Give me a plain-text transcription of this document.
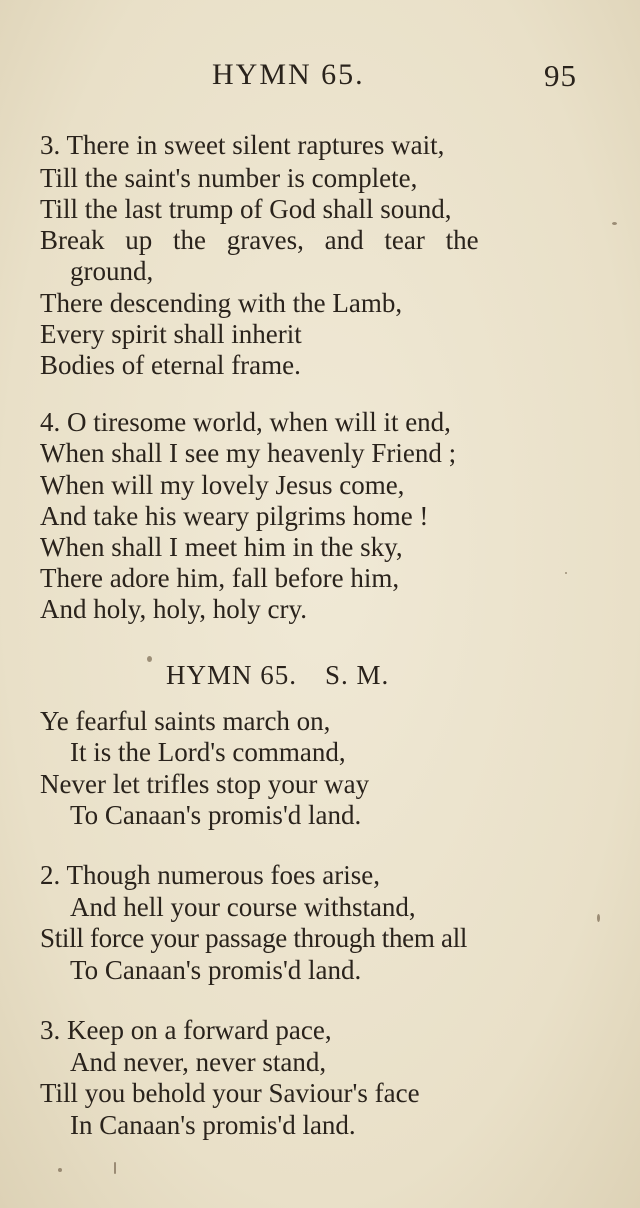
HYMN 65.	95
3. There in sweet silent raptures wait,
Till the saint's number is complete,
Till the last trump of God shall sound,
Break up the graves, and tear the
ground,
There descending with the Lamb,
Every spirit shall inherit
Bodies of eternal frame.
4. O tiresome world, when will it end,
When shall I see my heavenly Friend ;
When will my lovely Jesus come,
And take his weary pilgrims home !
When shall I meet him in the sky,
There adore him, fall before him,
And holy, holy, holy cry.
HYMN 65. S. M.
Ye fearful saints march on,
It is the Lord's command,
Never let trifles stop your way
To Canaan's promis'd land.
2. Though numerous foes arise,
And hell your course withstand,
Still force your passage through them all
To Canaan's promis'd land.
3. Keep on a forward pace,
And never, never stand,
Till you behold your Saviour's face
In Canaan's promis'd land.
